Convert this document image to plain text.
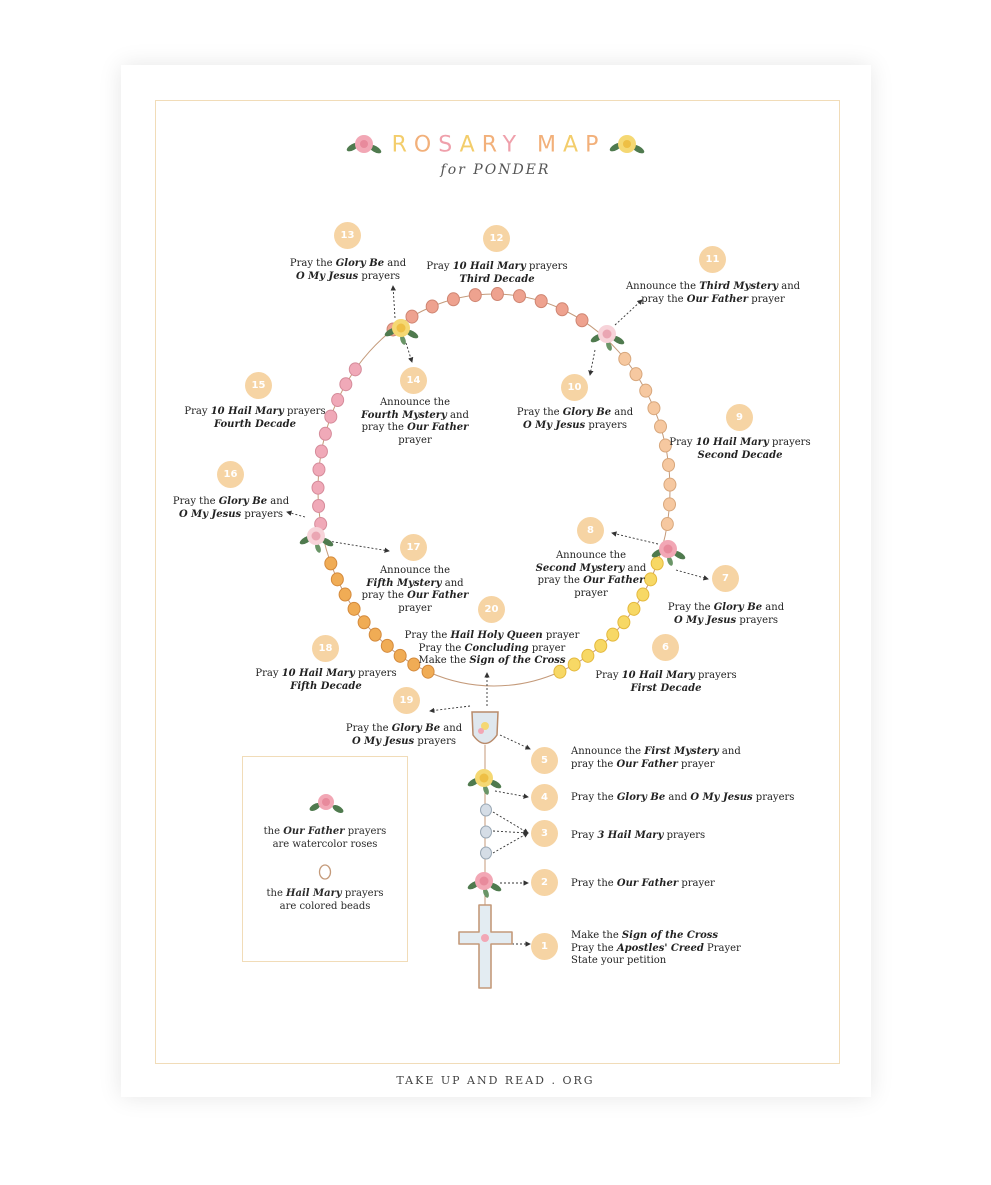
ROSARY MAP
for PONDER
1
Make the Sign of the Cross
Pray the Apostles' Creed Prayer
State your petition
2	Pray the Our Father prayer
3	Pray 3 Hail Mary prayers
4	Pray the Glory Be and O My Jesus prayers
5
Announce the First Mystery and
pray the Our Father prayer
6
Pray 10 Hail Mary prayers
First Decade
7
Pray the Glory Be and
O My Jesus prayers
8
Announce the
Second Mystery and
pray the Our Father
prayer
9
Pray 10 Hail Mary prayers
Second Decade
10
Pray the Glory Be and
O My Jesus prayers
11
Announce the Third Mystery and
pray the Our Father prayer
12
Pray 10 Hail Mary prayers
Third Decade
13
Pray the Glory Be and
O My Jesus prayers
14
Announce the
Fourth Mystery and
pray the Our Father
prayer
15
Pray 10 Hail Mary prayers
Fourth Decade
16
Pray the Glory Be and
O My Jesus prayers
17
Announce the
Fifth Mystery and
pray the Our Father
prayer
18
Pray 10 Hail Mary prayers
Fifth Decade
19
Pray the Glory Be and
O My Jesus prayers
20
Pray the Hail Holy Queen prayer
Pray the Concluding prayer
Make the Sign of the Cross
the Our Father prayers
are watercolor roses
the Hail Mary prayers
are colored beads
TAKE UP AND READ . ORG
